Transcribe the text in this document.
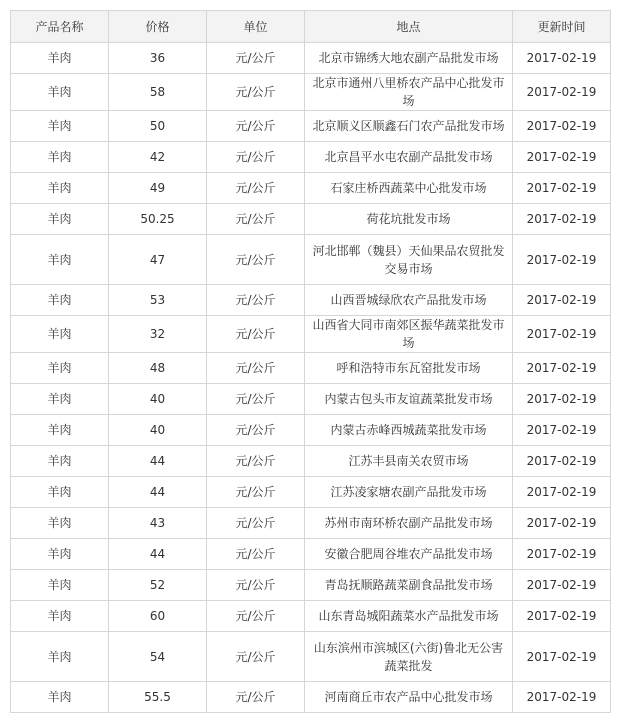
产品名称	价格	单位	地点	更新时间
羊肉	36	元/公斤	北京市锦绣大地农副产品批发市场	2017-02-19
羊肉	58	元/公斤	北京市通州八里桥农产品中心批发市场	2017-02-19
羊肉	50	元/公斤	北京顺义区顺鑫石门农产品批发市场	2017-02-19
羊肉	42	元/公斤	北京昌平水屯农副产品批发市场	2017-02-19
羊肉	49	元/公斤	石家庄桥西蔬菜中心批发市场	2017-02-19
羊肉	50.25	元/公斤	荷花坑批发市场	2017-02-19
羊肉	47	元/公斤	河北邯郸（魏县）天仙果品农贸批发交易市场	2017-02-19
羊肉	53	元/公斤	山西晋城绿欣农产品批发市场	2017-02-19
羊肉	32	元/公斤	山西省大同市南郊区振华蔬菜批发市场	2017-02-19
羊肉	48	元/公斤	呼和浩特市东瓦窑批发市场	2017-02-19
羊肉	40	元/公斤	内蒙古包头市友谊蔬菜批发市场	2017-02-19
羊肉	40	元/公斤	内蒙古赤峰西城蔬菜批发市场	2017-02-19
羊肉	44	元/公斤	江苏丰县南关农贸市场	2017-02-19
羊肉	44	元/公斤	江苏凌家塘农副产品批发市场	2017-02-19
羊肉	43	元/公斤	苏州市南环桥农副产品批发市场	2017-02-19
羊肉	44	元/公斤	安徽合肥周谷堆农产品批发市场	2017-02-19
羊肉	52	元/公斤	青岛抚顺路蔬菜副食品批发市场	2017-02-19
羊肉	60	元/公斤	山东青岛城阳蔬菜水产品批发市场	2017-02-19
羊肉	54	元/公斤	山东滨州市滨城区(六街)鲁北无公害蔬菜批发	2017-02-19
羊肉	55.5	元/公斤	河南商丘市农产品中心批发市场	2017-02-19
